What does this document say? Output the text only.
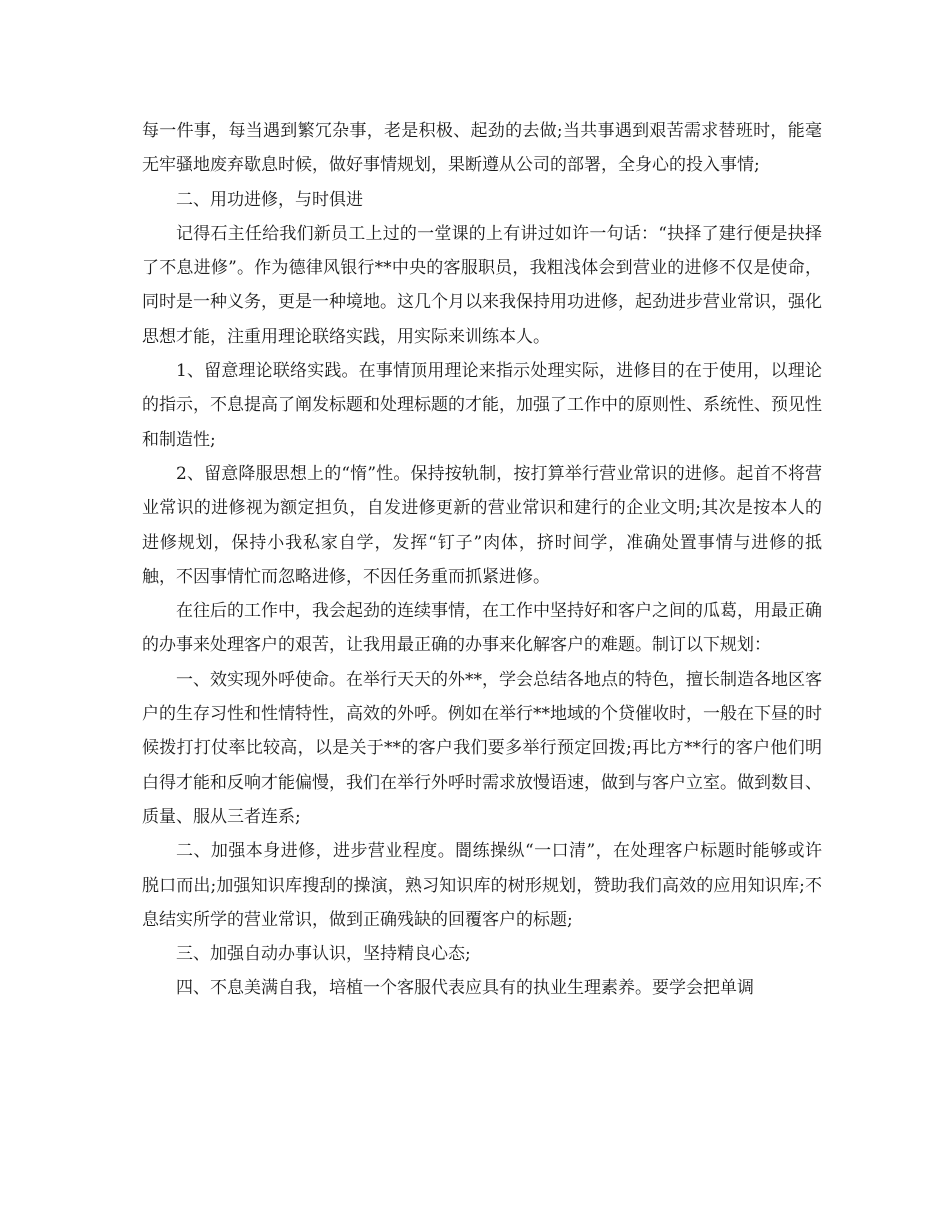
每一件事，每当遇到繁冗杂事，老是积极、起劲的去做;当共事遇到艰苦需求替班时，能毫无牢骚地废弃歇息时候，做好事情规划，果断遵从公司的部署，全身心的投入事情;

二、用功进修，与时俱进

记得石主任给我们新员工上过的一堂课的上有讲过如许一句话：“抉择了建行便是抉择了不息进修”。作为德律风银行**中央的客服职员，我粗浅体会到营业的进修不仅是使命，同时是一种义务，更是一种境地。这几个月以来我保持用功进修，起劲进步营业常识，强化思想才能，注重用理论联络实践，用实际来训练本人。

1、留意理论联络实践。在事情顶用理论来指示处理实际，进修目的在于使用，以理论的指示，不息提高了阐发标题和处理标题的才能，加强了工作中的原则性、系统性、预见性和制造性;

2、留意降服思想上的“惰”性。保持按轨制，按打算举行营业常识的进修。起首不将营业常识的进修视为额定担负，自发进修更新的营业常识和建行的企业文明;其次是按本人的进修规划，保持小我私家自学，发挥“钉子”肉体，挤时间学，准确处置事情与进修的抵触，不因事情忙而忽略进修，不因任务重而抓紧进修。

在往后的工作中，我会起劲的连续事情，在工作中坚持好和客户之间的瓜葛，用最正确的办事来处理客户的艰苦，让我用最正确的办事来化解客户的难题。制订以下规划：

一、效实现外呼使命。在举行天天的外**，学会总结各地点的特色，擅长制造各地区客户的生存习性和性情特性，高效的外呼。例如在举行**地域的个贷催收时，一般在下昼的时候拨打打仗率比较高，以是关于**的客户我们要多举行预定回拨;再比方**行的客户他们明白得才能和反响才能偏慢，我们在举行外呼时需求放慢语速，做到与客户立室。做到数目、质量、服从三者连系;

二、加强本身进修，进步营业程度。闇练操纵“一口清”，在处理客户标题时能够或许脱口而出;加强知识库搜刮的操演，熟习知识库的树形规划，赞助我们高效的应用知识库;不息结实所学的营业常识，做到正确残缺的回覆客户的标题;

三、加强自动办事认识，坚持精良心态;

四、不息美满自我，培植一个客服代表应具有的执业生理素养。要学会把单调
